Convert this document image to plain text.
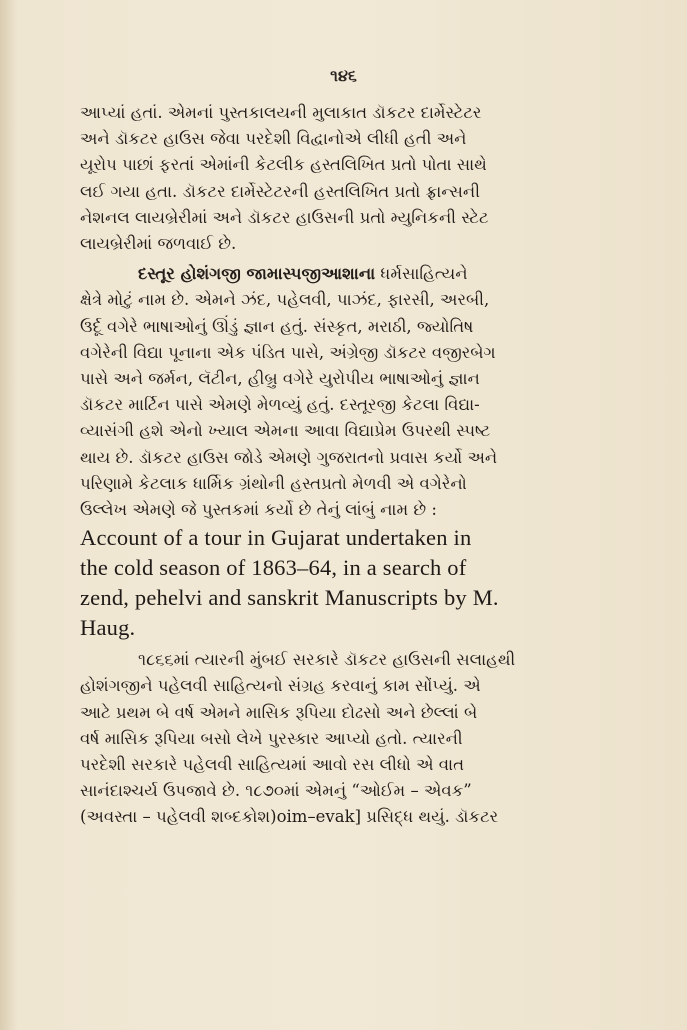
૧૪૬

આપ્યાં હતાં. એમનાં પુસ્તકાલયની મુલાકાત ડૉકટર દાર્મેસ્ટેટર
અને ડૉકટર હાઉસ જેવા પરદેશી વિદ્વાનોએ લીધી હતી અને
યૂરોપ પાછાં ફરતાં એમાંની કેટલીક હસ્તલિખિત પ્રતો પોતા સાથે
લઈ ગયા હતા. ડૉકટર દાર્મેસ્ટેટરની હસ્તલિખિત પ્રતો ફ્રાન્સની
નેશનલ લાયબ્રેરીમાં અને ડૉકટર હાઉસની પ્રતો મ્યુનિકની સ્ટેટ
લાયબ્રેરીમાં જળવાઈ છે.

દસ્તૂર હોશંગજી જામાસ્પજીઆશાના ધર્મસાહિત્યને
ક્ષેત્રે મોટું નામ છે. એમને ઝંદ, પહેલવી, પાઝંદ, ફારસી, અરબી,
ઉર્દૂ વગેરે ભાષાઓનું ઊંડું જ્ઞાન હતું. સંસ્કૃત, મરાઠી, જ્યોતિષ
વગેરેની વિદ્યા પૂનાના એક પંડિત પાસે, અંગ્રેજી ડૉકટર વજીરબેગ
પાસે અને જર્મન, લૅટીન, હીબ્રુ વગેરે યુરોપીય ભાષાઓનું જ્ઞાન
ડૉકટર માર્ટિન પાસે એમણે મેળવ્યું હતું. દસ્તૂરજી કેટલા વિદ્યા-
વ્યાસંગી હશે એનો ખ્યાલ એમના આવા વિદ્યાપ્રેમ ઉપરથી સ્પષ્ટ
થાય છે. ડૉકટર હાઉસ જોડે એમણે ગુજરાતનો પ્રવાસ કર્યો અને
પરિણામે કેટલાક ધાર્મિક ગ્રંથોની હસ્તપ્રતો મેળવી એ વગેરેનો
ઉલ્લેખ એમણે જે પુસ્તકમાં કર્યો છે તેનું લાંબું નામ છે :

Account of a tour in Gujarat undertaken in
the cold season of 1863–64, in a search of
zend, pehelvi and sanskrit Manuscripts by M.
Haug.

૧૮૬૬માં ત્યારની મુંબઈ સરકારે ડૉકટર હાઉસની સલાહથી
હોશંગજીને પહેલવી સાહિત્યનો સંગ્રહ કરવાનું કામ સોંપ્યું. એ
આટે પ્રથમ બે વર્ષ એમને માસિક રૂપિયા દોઢસો અને છેલ્લાં બે
વર્ષ માસિક રૂપિયા બસો લેખે પુરસ્કાર આપ્યો હતો. ત્યારની
પરદેશી સરકારે પહેલવી સાહિત્યમાં આવો રસ લીધો એ વાત
સાનંદાશ્ચર્ય ઉપજાવે છે. ૧૮૭૦માં એમનું “ઓઈમ – એવક”
(અવસ્તા – પહેલવી શબ્દકોશ)oim–evak] પ્રસિદ્ધ થયું. ડૉકટર
